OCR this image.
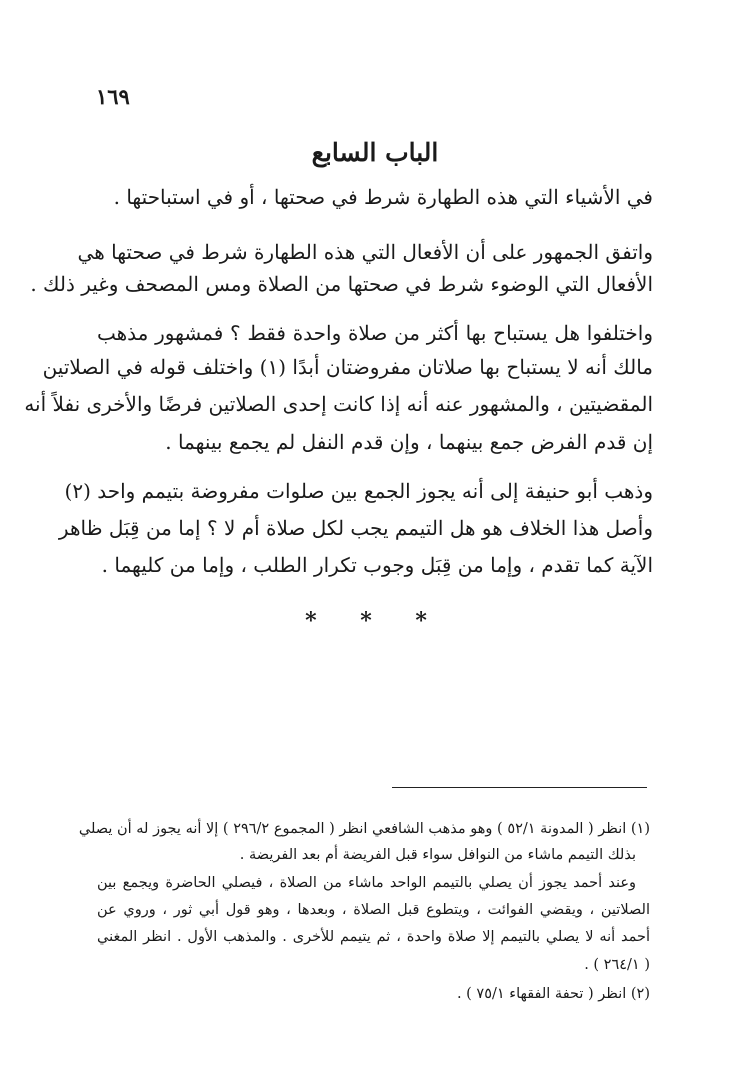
١٦٩
الباب السابع
في الأشياء التي هذه الطهارة شرط في صحتها ، أو في استباحتها .
واتفق الجمهور على أن الأفعال التي هذه الطهارة شرط في صحتها هي
الأفعال التي الوضوء شرط في صحتها من الصلاة ومس المصحف وغير ذلك .
واختلفوا هل يستباح بها أكثر من صلاة واحدة فقط ؟ فمشهور مذهب
مالك أنه لا يستباح بها صلاتان مفروضتان أبدًا (١) واختلف قوله في الصلاتين
المقضيتين ، والمشهور عنه أنه إذا كانت إحدى الصلاتين فرضًا والأخرى نفلاً أنه
إن قدم الفرض جمع بينهما ، وإن قدم النفل لم يجمع بينهما .
وذهب أبو حنيفة إلى أنه يجوز الجمع بين صلوات مفروضة بتيمم واحد (٢)
وأصل هذا الخلاف هو هل التيمم يجب لكل صلاة أم لا ؟ إما من قِبَل ظاهر
الآية كما تقدم ، وإما من قِبَل وجوب تكرار الطلب ، وإما من كليهما .
* * *
(١) انظر ( المدونة ٥٢/١ ) وهو مذهب الشافعي انظر ( المجموع ٢٩٦/٢ ) إلا أنه يجوز له أن يصلي
بذلك التيمم ماشاء من النوافل سواء قبل الفريضة أم بعد الفريضة .
وعند أحمد يجوز أن يصلي بالتيمم الواحد ماشاء من الصلاة ، فيصلي الحاضرة ويجمع بين
الصلاتين ، ويقضي الفوائت ، ويتطوع قبل الصلاة ، وبعدها ، وهو قول أبي ثور ، وروي عن
أحمد أنه لا يصلي بالتيمم إلا صلاة واحدة ، ثم يتيمم للأخرى . والمذهب الأول . انظر المغني
( ٢٦٤/١ ) .
(٢) انظر ( تحفة الفقهاء ٧٥/١ ) .
